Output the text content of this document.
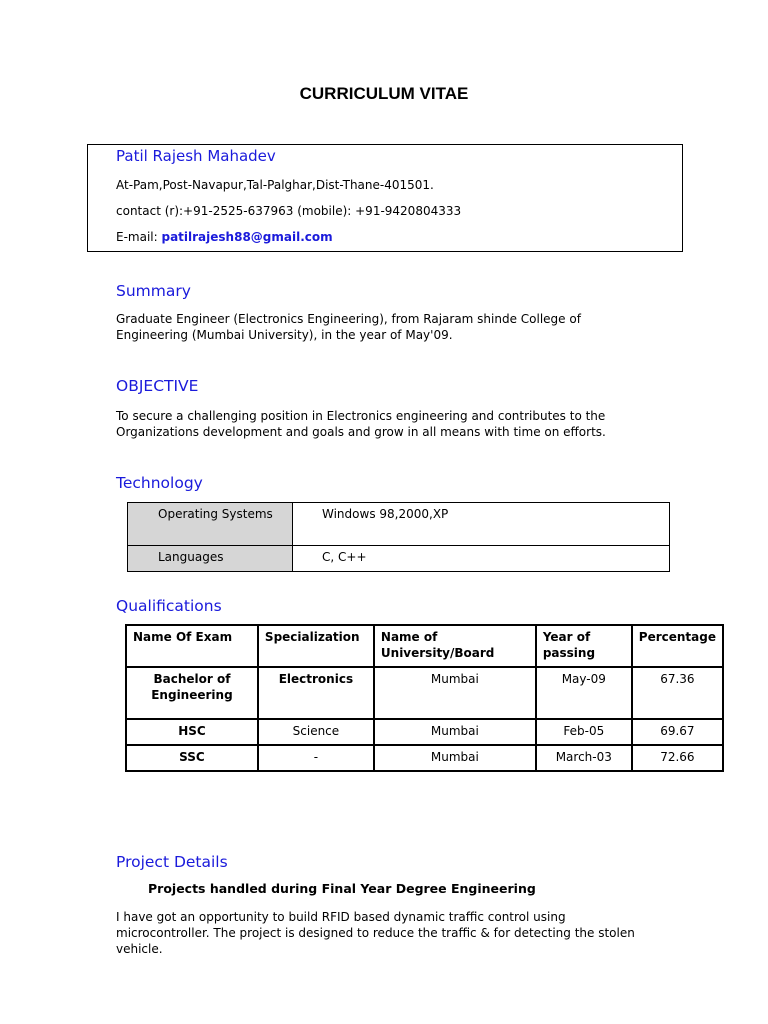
CURRICULUM VITAE
Patil Rajesh Mahadev
At-Pam,Post-Navapur,Tal-Palghar,Dist-Thane-401501.
contact (r):+91-2525-637963 (mobile): +91-9420804333
E-mail: patilrajesh88@gmail.com
Summary
Graduate Engineer (Electronics Engineering), from Rajaram shinde College of Engineering (Mumbai University), in the year of May'09.
OBJECTIVE
To secure a challenging position in Electronics engineering and contributes to the Organizations development and goals and grow in all means with time on efforts.
Technology
Operating Systems	Windows 98,2000,XP
Languages	C, C++
Qualifications
Name Of Exam	Specialization	Name of University/Board	Year of passing	Percentage
Bachelor of Engineering	Electronics	Mumbai	May-09	67.36
HSC	Science	Mumbai	Feb-05	69.67
SSC	-	Mumbai	March-03	72.66
Project Details
Projects handled during Final Year Degree Engineering
I have got an opportunity to build RFID based dynamic traffic control using microcontroller. The project is designed to reduce the traffic & for detecting the stolen vehicle.
